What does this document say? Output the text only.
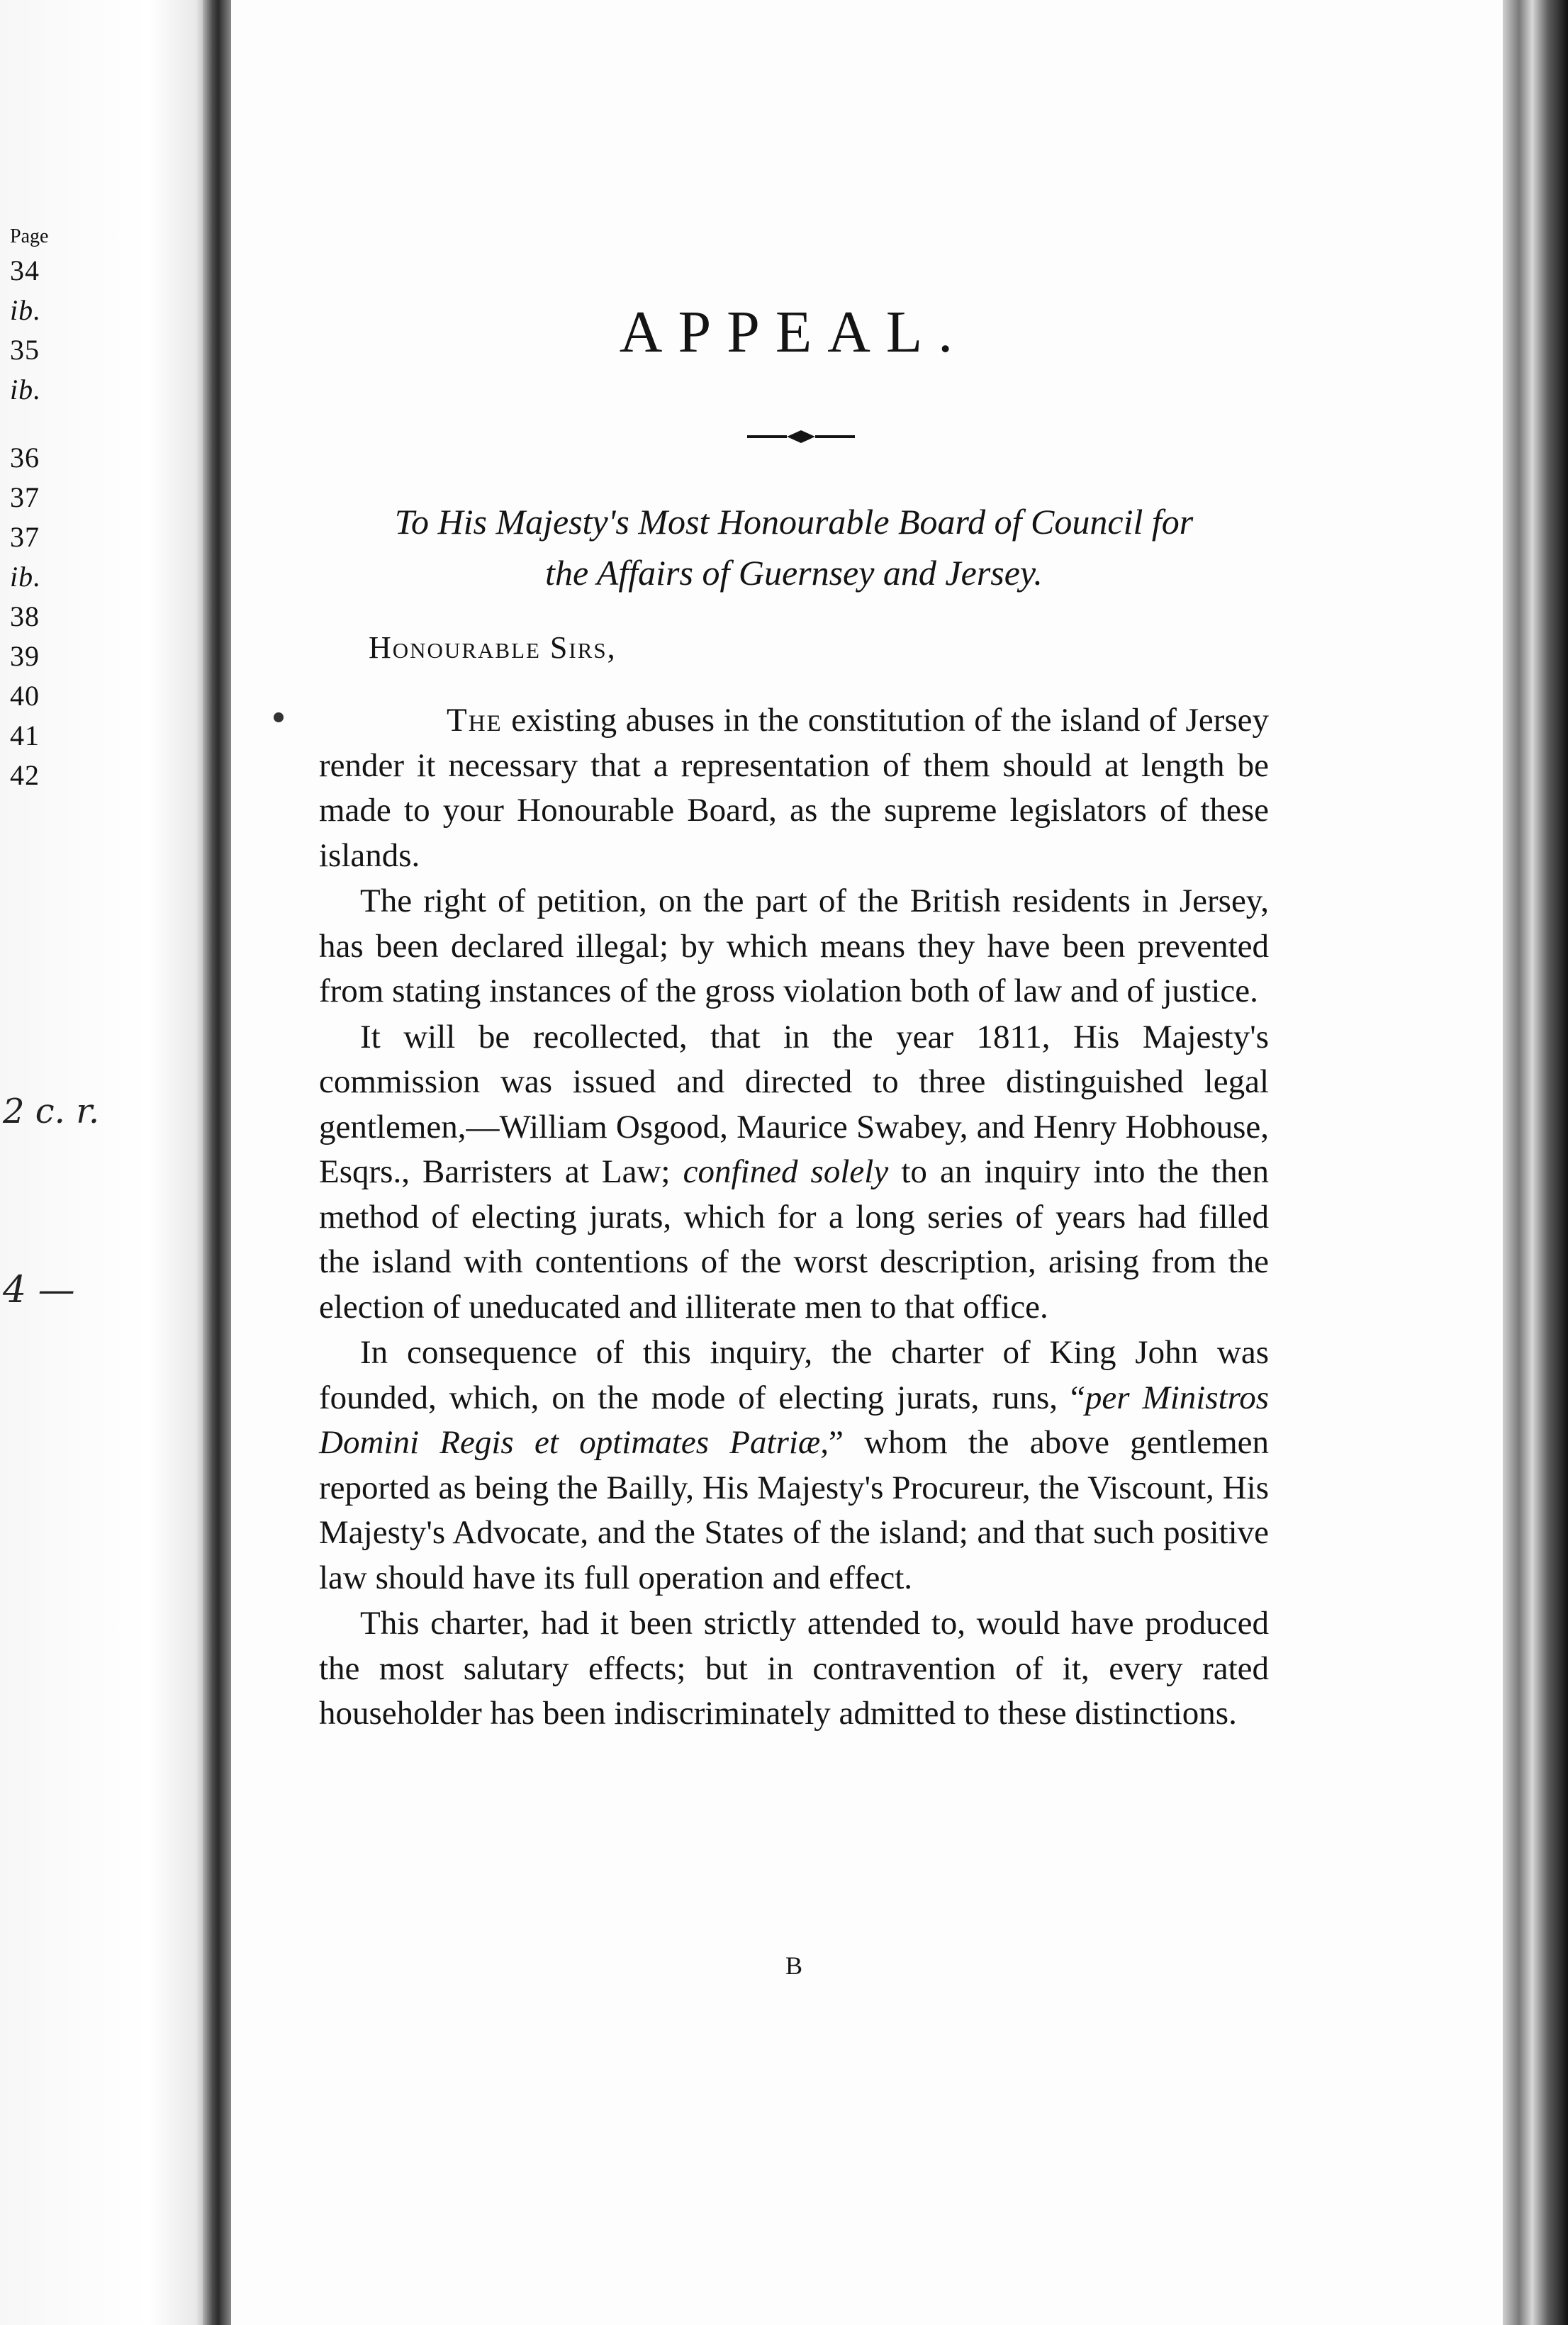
Page
34
ib.
35
ib.
36
37
37
ib.
38
39
40
41
42
2 c. r.
4 —
APPEAL.
To His Majesty's Most Honourable Board of Council for
the Affairs of Guernsey and Jersey.

Honourable Sirs,

The existing abuses in the constitution of the island of Jersey render it necessary that a representation of them should at length be made to your Honourable Board, as the supreme legislators of these islands.

The right of petition, on the part of the British residents in Jersey, has been declared illegal; by which means they have been prevented from stating instances of the gross violation both of law and of justice.

It will be recollected, that in the year 1811, His Majesty's commission was issued and directed to three distinguished legal gentlemen,—William Osgood, Maurice Swabey, and Henry Hobhouse, Esqrs., Barristers at Law; confined solely to an inquiry into the then method of electing jurats, which for a long series of years had filled the island with contentions of the worst description, arising from the election of uneducated and illiterate men to that office.

In consequence of this inquiry, the charter of King John was founded, which, on the mode of electing jurats, runs, “per Ministros Domini Regis et optimates Patriæ,” whom the above gentlemen reported as being the Bailly, His Majesty's Procureur, the Viscount, His Majesty's Advocate, and the States of the island; and that such positive law should have its full operation and effect.

This charter, had it been strictly attended to, would have produced the most salutary effects; but in contravention of it, every rated householder has been indiscriminately admitted to these distinctions.

B
